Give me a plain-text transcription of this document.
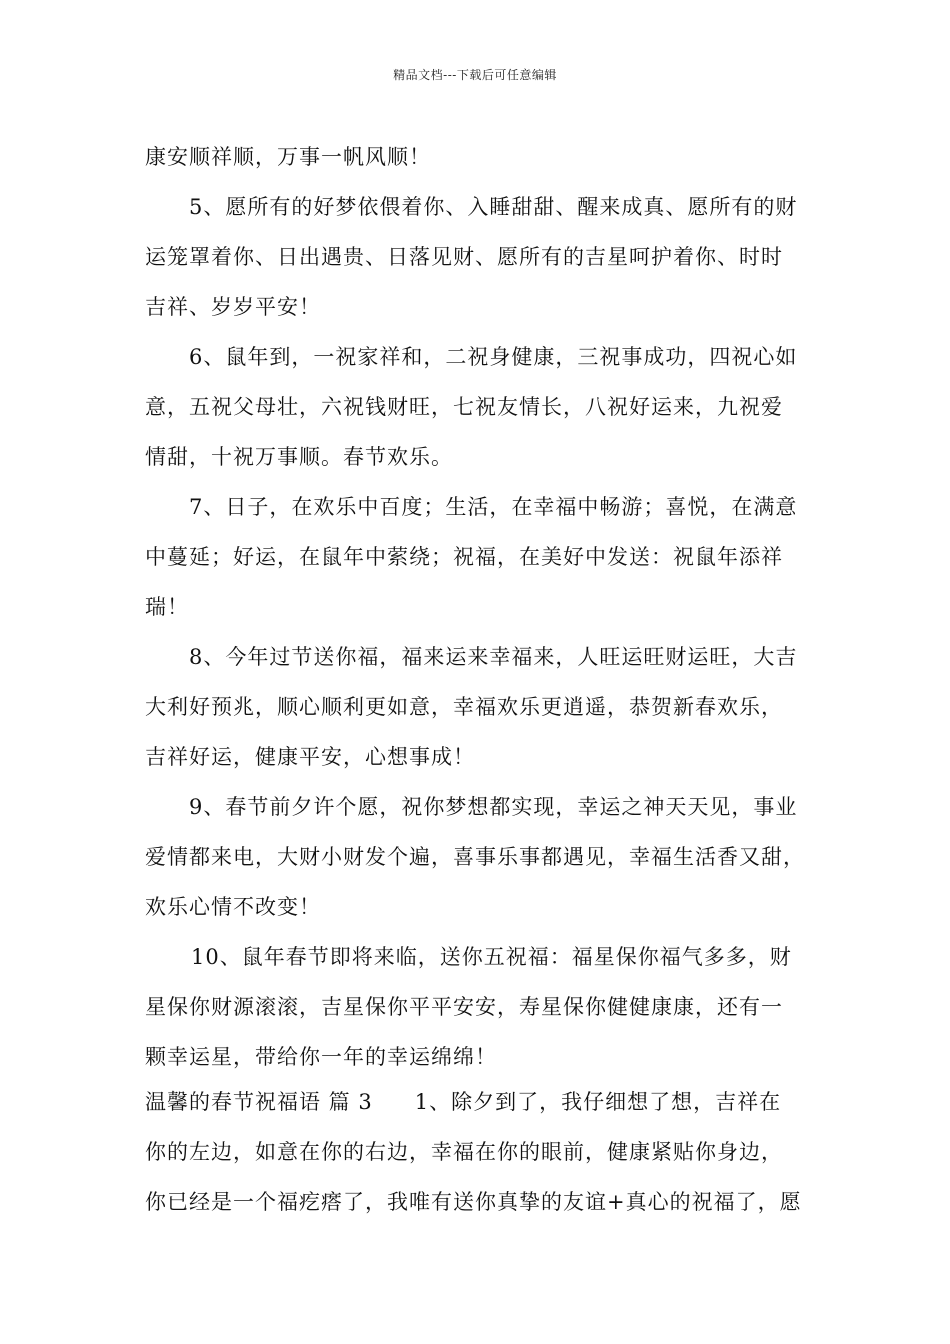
精品文档---下载后可任意编辑
康安顺祥顺，万事一帆风顺！
5、愿所有的好梦依偎着你、入睡甜甜、醒来成真、愿所有的财
运笼罩着你、日出遇贵、日落见财、愿所有的吉星呵护着你、时时
吉祥、岁岁平安！
6、鼠年到，一祝家祥和，二祝身健康，三祝事成功，四祝心如
意，五祝父母壮，六祝钱财旺，七祝友情长，八祝好运来，九祝爱
情甜，十祝万事顺。春节欢乐。
7、日子，在欢乐中百度；生活，在幸福中畅游；喜悦，在满意
中蔓延；好运，在鼠年中萦绕；祝福，在美好中发送：祝鼠年添祥
瑞！
8、今年过节送你福，福来运来幸福来，人旺运旺财运旺，大吉
大利好预兆，顺心顺利更如意，幸福欢乐更逍遥，恭贺新春欢乐，
吉祥好运，健康平安，心想事成！
9、春节前夕许个愿，祝你梦想都实现，幸运之神天天见，事业
爱情都来电，大财小财发个遍，喜事乐事都遇见，幸福生活香又甜，
欢乐心情不改变！
10、鼠年春节即将来临，送你五祝福：福星保你福气多多，财
星保你财源滚滚，吉星保你平平安安，寿星保你健健康康，还有一
颗幸运星，带给你一年的幸运绵绵！
温馨的春节祝福语 篇 3 1、除夕到了，我仔细想了想，吉祥在
你的左边，如意在你的右边，幸福在你的眼前，健康紧贴你身边，
你已经是一个福疙瘩了，我唯有送你真挚的友谊+真心的祝福了，愿
